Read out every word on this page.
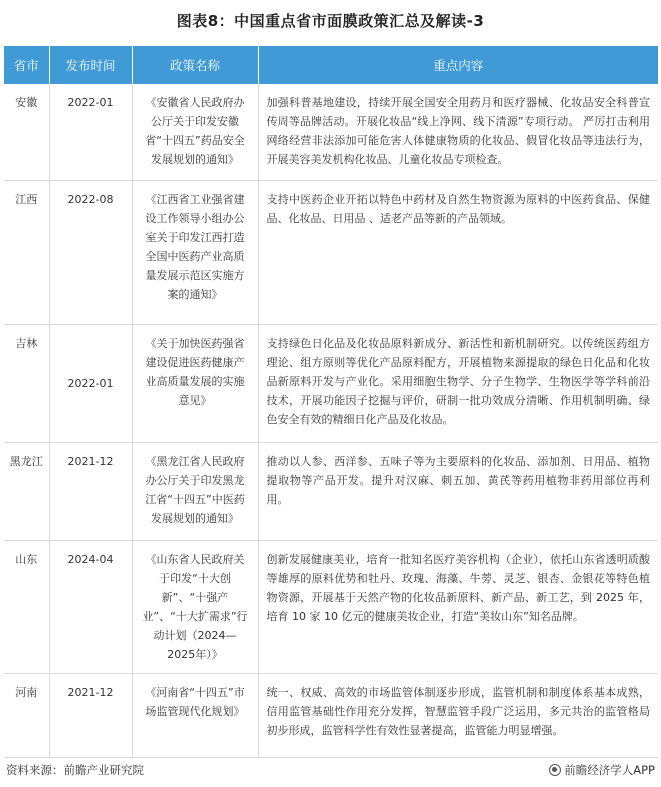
图表8：中国重点省市面膜政策汇总及解读-3
省市	发布时间	政策名称	重点内容
安徽	2022-01	《安徽省人民政府办公厅关于印发安徽省“十四五”药品安全发展规划的通知》	加强科普基地建设，持续开展全国安全用药月和医疗器械、化妆品安全科普宣传周等品牌活动。开展化妆品“线上净网、线下清源”专项行动。 严厉打击利用网络经营非法添加可能危害人体健康物质的化妆品、假冒化妆品等违法行为，开展美容美发机构化妆品、儿童化妆品专项检查。
江西	2022-08	《江西省工业强省建设工作领导小组办公室关于印发江西打造全国中医药产业高质量发展示范区实施方案的通知》	支持中医药企业开拓以特色中药材及自然生物资源为原料的中医药食品、保健品、化妆品、日用品 、适老产品等新的产品领域。
吉林	2022-01	《关于加快医药强省建设促进医药健康产业高质量发展的实施意见》	支持绿色日化品及化妆品原料新成分、新活性和新机制研究。以传统医药组方理论、组方原则等优化产品原料配方，开展植物来源提取的绿色日化品和化妆品新原料开发与产业化。采用细胞生物学、分子生物学、生物医学等学科前沿技术，开展功能因子挖掘与评价，研制一批功效成分清晰、作用机制明确、绿色安全有效的精细日化产品及化妆品。
黑龙江	2021-12	《黑龙江省人民政府办公厅关于印发黑龙江省“十四五”中医药发展规划的通知》	推动以人参、西洋参、五味子等为主要原料的化妆品、添加剂、日用品、植物提取物等产品开发。提升对汉麻、刺五加、黄芪等药用植物非药用部位再利用。
山东	2024-04	《山东省人民政府关于印发“十大创新”、“十强产业”、“十大扩需求”行动计划（2024—2025年）》	创新发展健康美业，培育一批知名医疗美容机构（企业），依托山东省透明质酸等雄厚的原料优势和牡丹、玫瑰、海藻、牛蒡、灵芝、银杏、金银花等特色植物资源，开展基于天然产物的化妆品新原料、新产品、新工艺，到 2025 年，培育 10 家 10 亿元的健康美妆企业，打造“美妆山东”知名品牌。
河南	2021-12	《河南省“十四五”市场监管现代化规划》	统一、权威、高效的市场监管体制逐步形成，监管机制和制度体系基本成熟，信用监管基础性作用充分发挥，智慧监管手段广泛运用，多元共治的监管格局初步形成，监管科学性有效性显著提高，监管能力明显增强。
资料来源：前瞻产业研究院	前瞻经济学人APP
